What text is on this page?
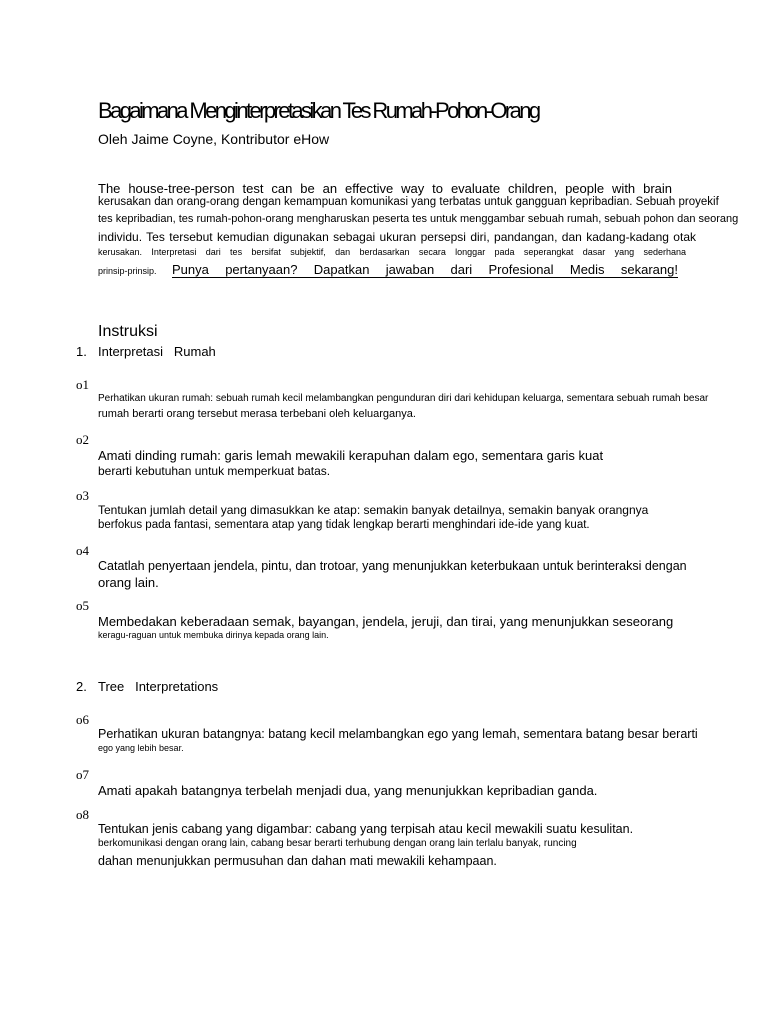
Bagaimana Menginterpretasikan Tes Rumah-Pohon-Orang
Oleh Jaime Coyne, Kontributor eHow
The house-tree-person test can be an effective way to evaluate children, people with brain
kerusakan dan orang-orang dengan kemampuan komunikasi yang terbatas untuk gangguan kepribadian. Sebuah proyekif
tes kepribadian, tes rumah-pohon-orang mengharuskan peserta tes untuk menggambar sebuah rumah, sebuah pohon dan seorang
individu. Tes tersebut kemudian digunakan sebagai ukuran persepsi diri, pandangan, dan kadang-kadang otak
kerusakan. Interpretasi dari tes bersifat subjektif, dan berdasarkan secara longgar pada seperangkat dasar yang sederhana
prinsip-prinsip. Punya pertanyaan? Dapatkan jawaban dari Profesional Medis sekarang!
Instruksi
1. Interpretasi   Rumah
o1
Perhatikan ukuran rumah: sebuah rumah kecil melambangkan pengunduran diri dari kehidupan keluarga, sementara sebuah rumah besar
rumah berarti orang tersebut merasa terbebani oleh keluarganya.
o2
Amati dinding rumah: garis lemah mewakili kerapuhan dalam ego, sementara garis kuat
berarti kebutuhan untuk memperkuat batas.
o3
Tentukan jumlah detail yang dimasukkan ke atap: semakin banyak detailnya, semakin banyak orangnya
berfokus pada fantasi, sementara atap yang tidak lengkap berarti menghindari ide-ide yang kuat.
o4
Catatlah penyertaan jendela, pintu, dan trotoar, yang menunjukkan keterbukaan untuk berinteraksi dengan
orang lain.
o5
Membedakan keberadaan semak, bayangan, jendela, jeruji, dan tirai, yang menunjukkan seseorang
keragu-raguan untuk membuka dirinya kepada orang lain.
2. Tree   Interpretations
o6
Perhatikan ukuran batangnya: batang kecil melambangkan ego yang lemah, sementara batang besar berarti
ego yang lebih besar.
o7
Amati apakah batangnya terbelah menjadi dua, yang menunjukkan kepribadian ganda.
o8
Tentukan jenis cabang yang digambar: cabang yang terpisah atau kecil mewakili suatu kesulitan.
berkomunikasi dengan orang lain, cabang besar berarti terhubung dengan orang lain terlalu banyak, runcing
dahan menunjukkan permusuhan dan dahan mati mewakili kehampaan.
